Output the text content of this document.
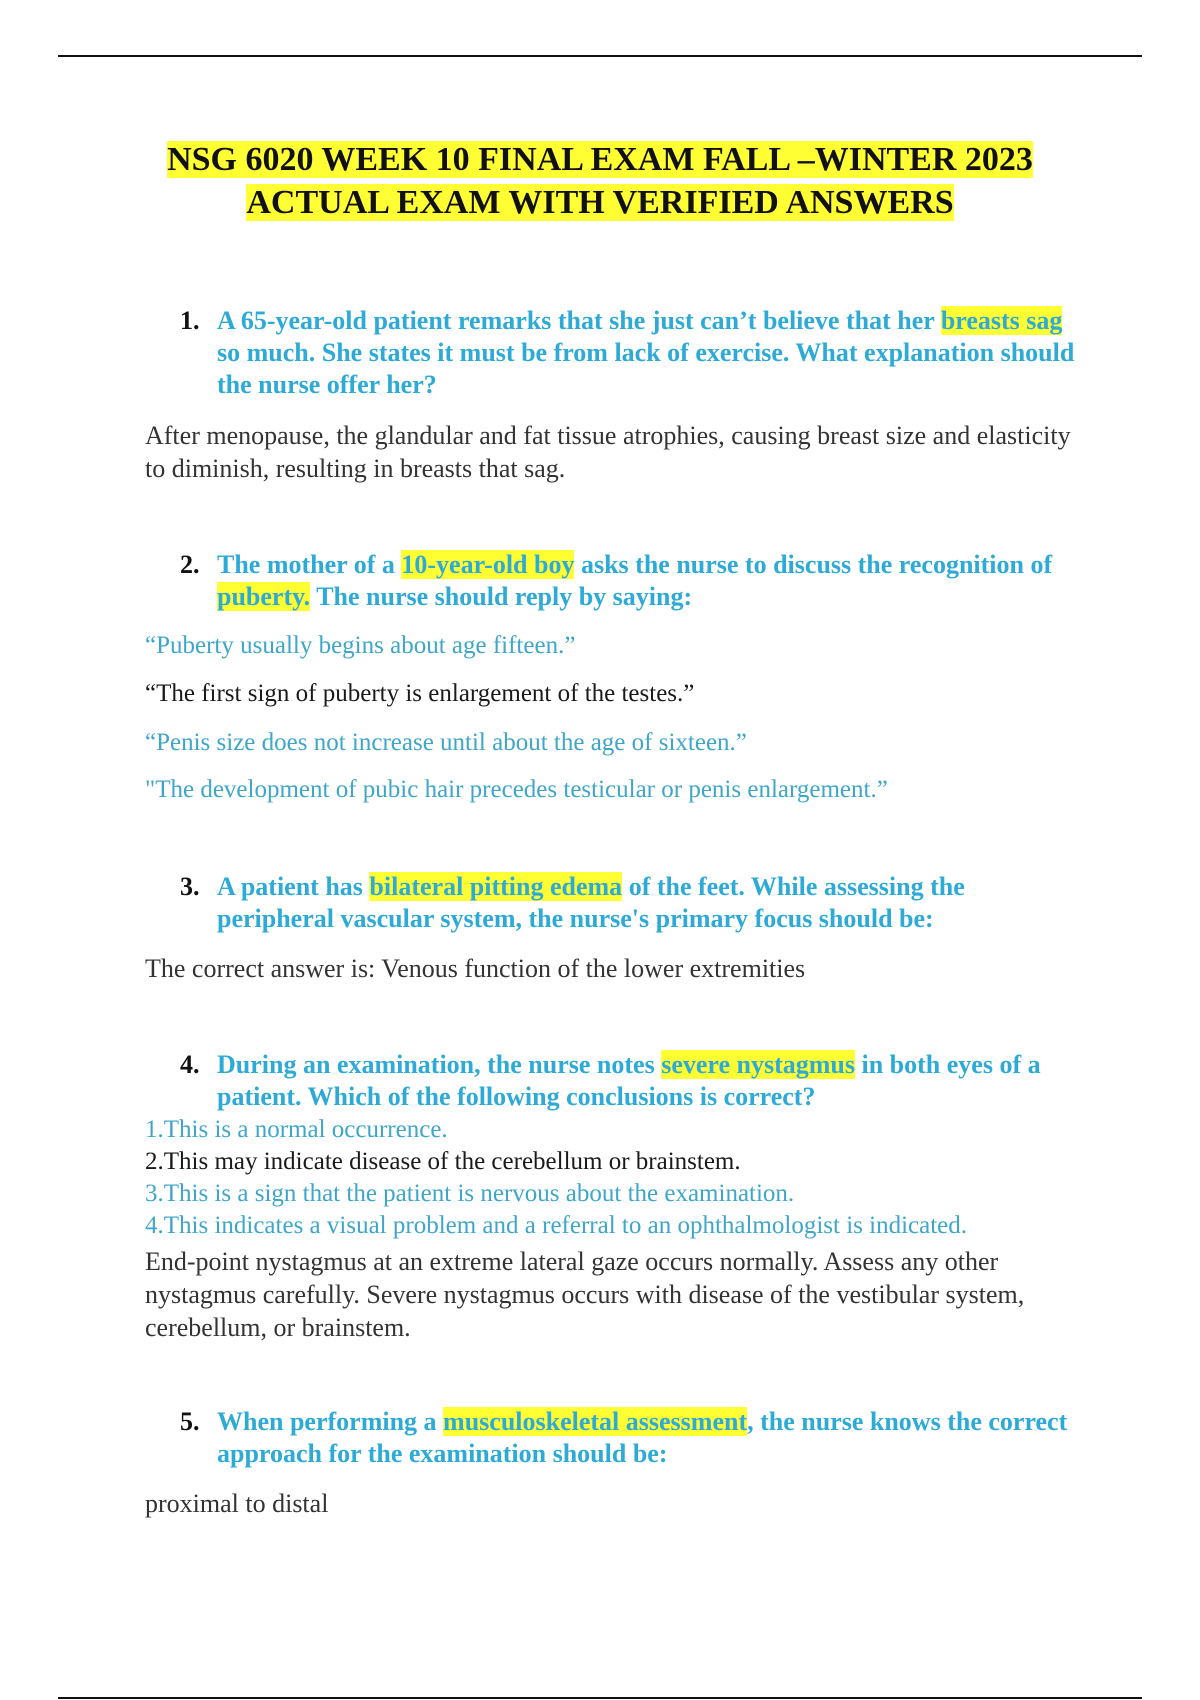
NSG 6020 WEEK 10 FINAL EXAM FALL –WINTER 2023
ACTUAL EXAM WITH VERIFIED ANSWERS
1. A 65-year-old patient remarks that she just can’t believe that her breasts sag so much. She states it must be from lack of exercise. What explanation should the nurse offer her?
After menopause, the glandular and fat tissue atrophies, causing breast size and elasticity to diminish, resulting in breasts that sag.
2. The mother of a 10-year-old boy asks the nurse to discuss the recognition of puberty. The nurse should reply by saying:
“Puberty usually begins about age fifteen.”
“The first sign of puberty is enlargement of the testes.”
“Penis size does not increase until about the age of sixteen.”
"The development of pubic hair precedes testicular or penis enlargement.”
3. A patient has bilateral pitting edema of the feet. While assessing the peripheral vascular system, the nurse's primary focus should be:
The correct answer is: Venous function of the lower extremities
4. During an examination, the nurse notes severe nystagmus in both eyes of a patient. Which of the following conclusions is correct?
1.This is a normal occurrence.
2.This may indicate disease of the cerebellum or brainstem.
3.This is a sign that the patient is nervous about the examination.
4.This indicates a visual problem and a referral to an ophthalmologist is indicated.
End-point nystagmus at an extreme lateral gaze occurs normally. Assess any other nystagmus carefully. Severe nystagmus occurs with disease of the vestibular system, cerebellum, or brainstem.
5. When performing a musculoskeletal assessment, the nurse knows the correct approach for the examination should be:
proximal to distal
